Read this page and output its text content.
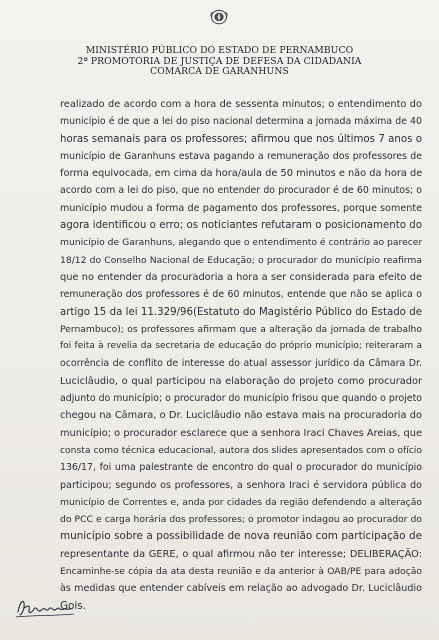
MINISTÉRIO PÚBLICO DO ESTADO DE PERNAMBUCO
2ª PROMOTORIA DE JUSTIÇA DE DEFESA DA CIDADANIA
COMARCA DE GARANHUNS
realizado de acordo com a hora de sessenta minutos; o entendimento do
município é de que a lei do piso nacional determina a jornada máxima de 40
horas semanais para os professores; afirmou que nos últimos 7 anos o
município de Garanhuns estava pagando a remuneração dos professores de
forma equivocada, em cima da hora/aula de 50 minutos e não da hora de
acordo com a lei do piso, que no entender do procurador é de 60 minutos; o
município mudou a forma de pagamento dos professores, porque somente
agora identificou o erro; os noticiantes refutaram o posicionamento do
município de Garanhuns, alegando que o entendimento é contrário ao parecer
18/12 do Conselho Nacional de Educação; o procurador do município reafirma
que no entender da procuradoria a hora a ser considerada para efeito de
remuneração dos professores é de 60 minutos, entende que não se aplica o
artigo 15 da lei 11.329/96(Estatuto do Magistério Público do Estado de
Pernambuco); os professores afirmam que a alteração da jornada de trabalho
foi feita à revelia da secretaria de educação do próprio município; reiteraram a
ocorrência de conflito de interesse do atual assessor jurídico da Câmara Dr.
Luciclâudio, o qual participou na elaboração do projeto como procurador
adjunto do município; o procurador do município frisou que quando o projeto
chegou na Câmara, o Dr. Luciclâudio não estava mais na procuradoria do
município; o procurador esclarece que a senhora Iraci Chaves Areias, que
consta como técnica educacional, autora dos slides apresentados com o ofício
136/17, foi uma palestrante de encontro do qual o procurador do município
participou; segundo os professores, a senhora Iraci é servidora pública do
município de Correntes e, anda por cidades da região defendendo a alteração
do PCC e carga horária dos professores; o promotor indagou ao procurador do
município sobre a possibilidade de nova reunião com participação de
representante da GERE, o qual afirmou não ter interesse; DELIBERAÇÃO:
Encaminhe-se cópia da ata desta reunião e da anterior à OAB/PE para adoção
às medidas que entender cabíveis em relação ao advogado Dr. Luciclâudio
Gois.
